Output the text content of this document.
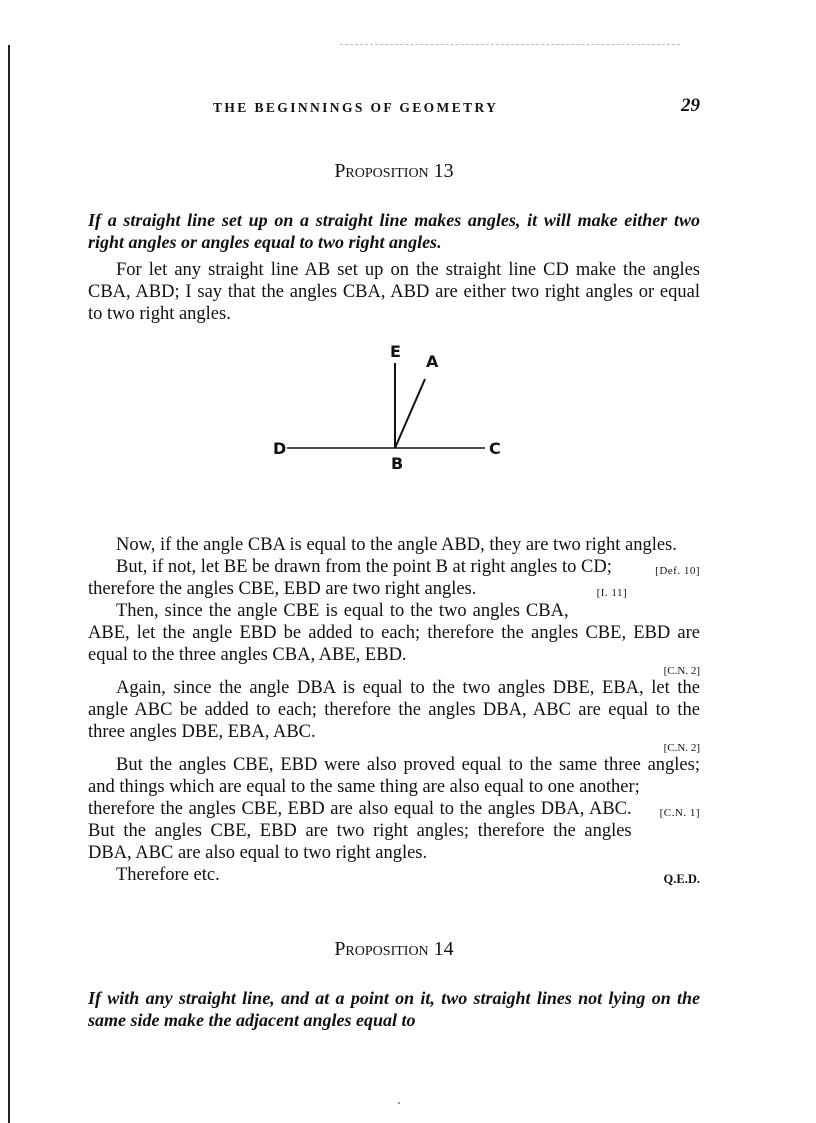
THE BEGINNINGS OF GEOMETRY	29
Proposition 13

If a straight line set up on a straight line makes angles, it will make either two right angles or angles equal to two right angles.

For let any straight line AB set up on the straight line CD make the angles CBA, ABD; I say that the angles CBA, ABD are either two right angles or equal to two right angles.

E
A
D
B
C

Now, if the angle CBA is equal to the angle ABD, they are two right angles.
[Def. 10]

But, if not, let BE be drawn from the point B at right angles to CD;
[I. 11]

therefore the angles CBE, EBD are two right angles.

Then, since the angle CBE is equal to the two angles CBA, ABE, let the angle EBD be added to each; therefore the angles CBE, EBD are equal to the three angles CBA, ABE, EBD.

[C.N. 2]

Again, since the angle DBA is equal to the two angles DBE, EBA, let the angle ABC be added to each; therefore the angles DBA, ABC are equal to the three angles DBE, EBA, ABC.

[C.N. 2]

But the angles CBE, EBD were also proved equal to the same three angles; and things which are equal to the same thing are also equal to one another;
[C.N. 1]

therefore the angles CBE, EBD are also equal to the angles DBA, ABC. But the angles CBE, EBD are two right angles; therefore the angles DBA, ABC are also equal to two right angles.

Therefore etc.	Q.E.D.

Proposition 14

If with any straight line, and at a point on it, two straight lines not lying on the same side make the adjacent angles equal to
